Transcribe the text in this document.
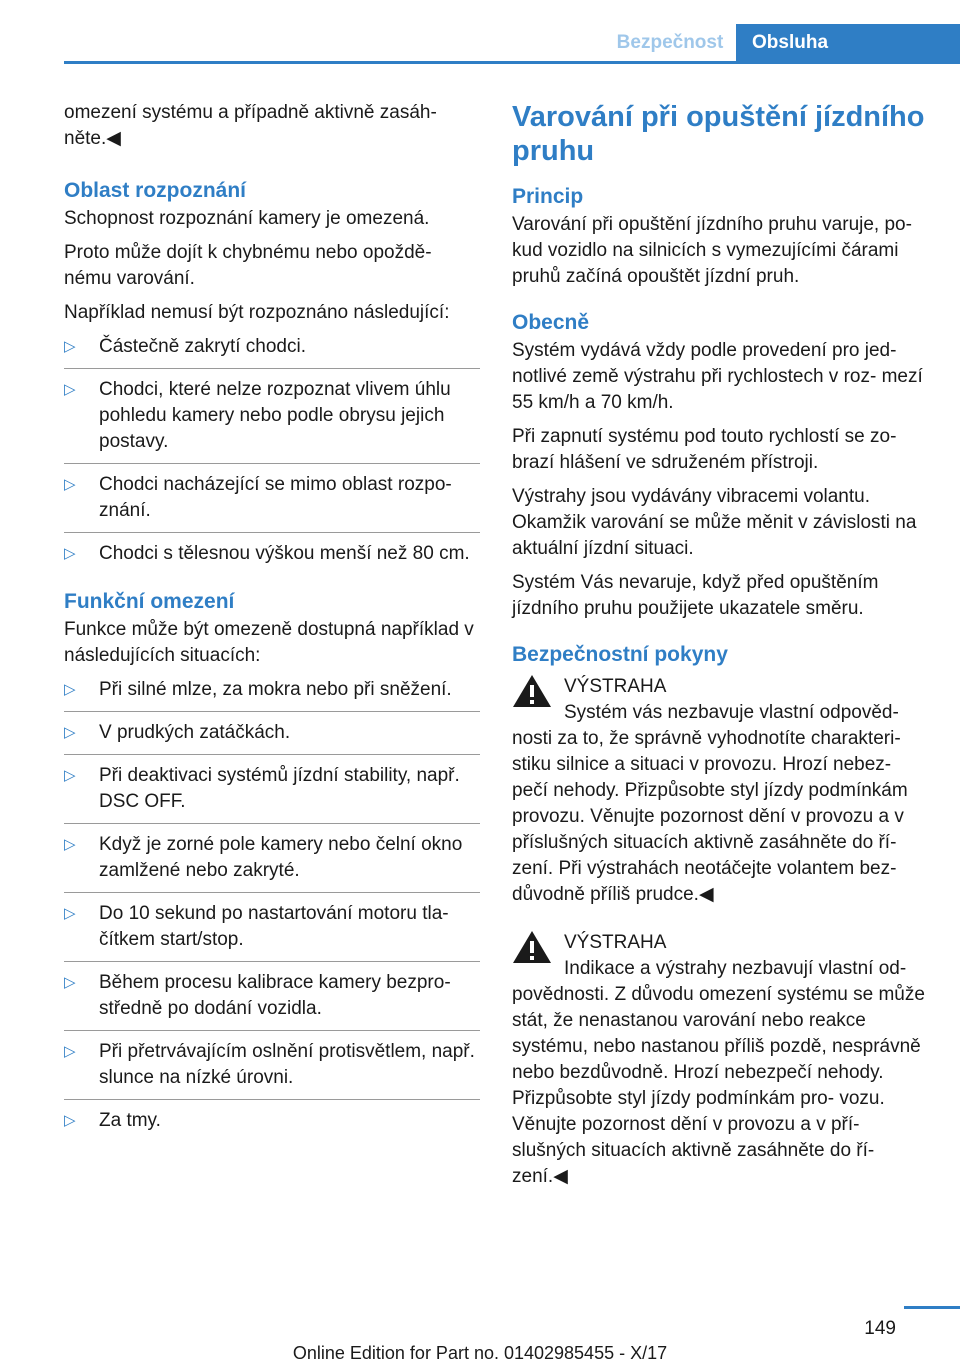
Bezpečnost	Obsluha

omezení systému a případně aktivně zasáh‐ něte.◀

Oblast rozpoznání

Schopnost rozpoznání kamery je omezená.

Proto může dojít k chybnému nebo opoždě‐ nému varování.

Například nemusí být rozpoznáno následující:

▷ Částečně zakrytí chodci.
▷ Chodci, které nelze rozpoznat vlivem úhlu pohledu kamery nebo podle obrysu jejich postavy.
▷ Chodci nacházející se mimo oblast rozpo‐ znání.
▷ Chodci s tělesnou výškou menší než 80 cm.
Funkční omezení

Funkce může být omezeně dostupná například v následujících situacích:

▷ Při silné mlze, za mokra nebo při sněžení.
▷ V prudkých zatáčkách.
▷ Při deaktivaci systémů jízdní stability, např. DSC OFF.
▷ Když je zorné pole kamery nebo čelní okno zamlžené nebo zakryté.
▷ Do 10 sekund po nastartování motoru tla‐ čítkem start/stop.
▷ Během procesu kalibrace kamery bezpro‐ středně po dodání vozidla.
▷ Při přetrvávajícím oslnění protisvětlem, např. slunce na nízké úrovni.
▷ Za tmy.
Varování při opuštění jízdního pruhu
Princip

Varování při opuštění jízdního pruhu varuje, po‐ kud vozidlo na silnicích s vymezujícími čárami pruhů začíná opouštět jízdní pruh.

Obecně

Systém vydává vždy podle provedení pro jed‐ notlivé země výstrahu při rychlostech v roz‐ mezí 55 km/h a 70 km/h.

Při zapnutí systému pod touto rychlostí se zo‐ brazí hlášení ve sdruženém přístroji.

Výstrahy jsou vydávány vibracemi volantu. Okamžik varování se může měnit v závislosti na aktuální jízdní situaci.

Systém Vás nevaruje, když před opuštěním jízdního pruhu použijete ukazatele směru.

Bezpečnostní pokyny

VÝSTRAHA

Systém vás nezbavuje vlastní odpověd‐ nosti za to, že správně vyhodnotíte charakteri‐ stiku silnice a situaci v provozu. Hrozí nebez‐ pečí nehody. Přizpůsobte styl jízdy podmínkám provozu. Věnujte pozornost dění v provozu a v příslušných situacích aktivně zasáhněte do ří‐ zení. Při výstrahách neotáčejte volantem bez‐ důvodně příliš prudce.◀

VÝSTRAHA

Indikace a výstrahy nezbavují vlastní od‐ povědnosti. Z důvodu omezení systému se může stát, že nenastanou varování nebo reakce systému, nebo nastanou příliš pozdě, nesprávně nebo bezdůvodně. Hrozí nebezpečí nehody. Přizpůsobte styl jízdy podmínkám pro‐ vozu. Věnujte pozornost dění v provozu a v pří‐ slušných situacích aktivně zasáhněte do ří‐ zení.◀

149
Online Edition for Part no. 01402985455 - X/17
